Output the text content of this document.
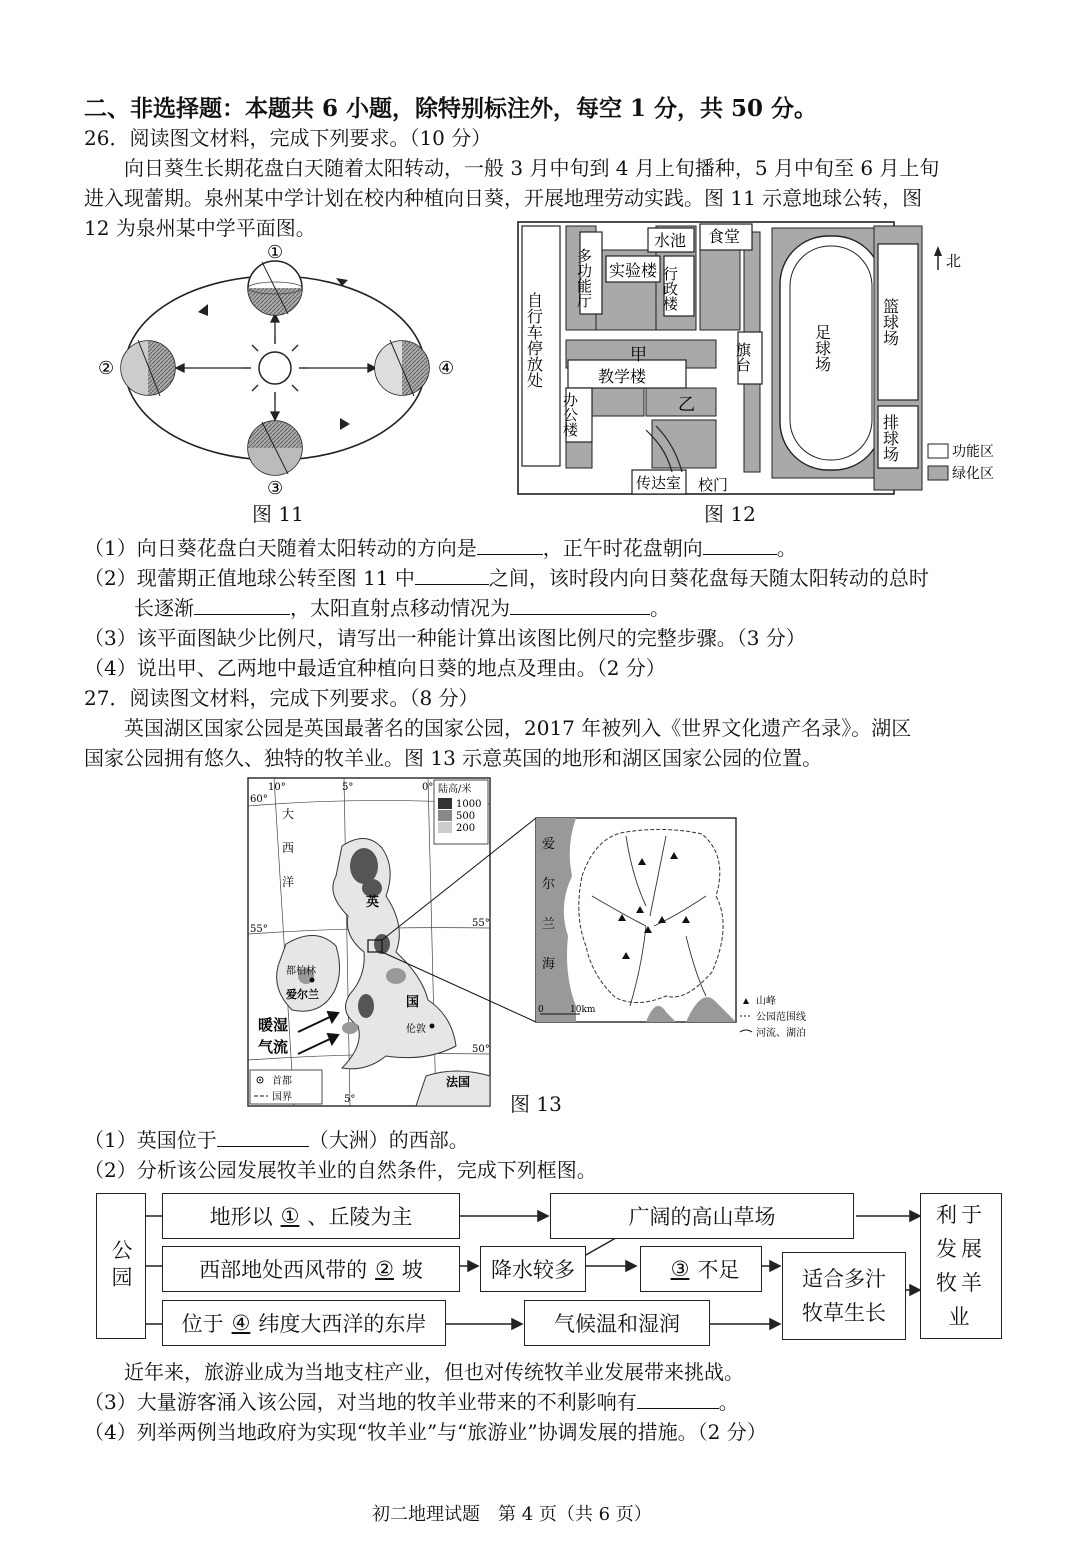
二、非选择题：本题共 6 小题，除特别标注外，每空 1 分，共 50 分。
26．阅读图文材料，完成下列要求。（10 分）
向日葵生长期花盘白天随着太阳转动，一般 3 月中旬到 4 月上旬播种，5 月中旬至 6 月上旬
进入现蕾期。泉州某中学计划在校内种植向日葵，开展地理劳动实践。图 11 示意地球公转，图
12 为泉州某中学平面图。
①
②
③
④
图 11
自行车停放处
多功能厅 实验楼
水池 食堂
行政楼
甲
教学楼
旗台	足球场
篮球场
排球场
办公楼	乙
传达室 校门
北
功能区
绿化区
图 12
（1）向日葵花盘白天随着太阳转动的方向是	，正午时花盘朝向	。
（2）现蕾期正值地球公转至图 11 中	之间，该时段内向日葵花盘每天随太阳转动的总时
长逐渐	，太阳直射点移动情况为	。
（3）该平面图缺少比例尺，请写出一种能计算出该图比例尺的完整步骤。（3 分）
（4）说出甲、乙两地中最适宜种植向日葵的地点及理由。（2 分）
27．阅读图文材料，完成下列要求。（8 分）
英国湖区国家公园是英国最著名的国家公园，2017 年被列入《世界文化遗产名录》。湖区
国家公园拥有悠久、独特的牧羊业。图 13 示意英国的地形和湖区国家公园的位置。
10°	5°	0°
5°
60°
55°
55°
50°
陆高/米
1000
500
200
大
西
洋
英
国
都柏林
爱尔兰
伦敦
法国
暖湿
气流
首都
国界
爱
尔
兰
海
0	10km
山峰
公园范围线
河流、湖泊
图 13
（1）英国位于	（大洲）的西部。
（2）分析该公园发展牧羊业的自然条件，完成下列框图。
公园
地形以 ① 、丘陵为主
西部地处西风带的 ② 坡
位于 ④ 纬度大西洋的东岸
广阔的高山草场
降水较多	③ 不足
气候温和湿润
适合多汁牧草生长
利于发展牧羊业
近年来，旅游业成为当地支柱产业，但也对传统牧羊业发展带来挑战。
（3）大量游客涌入该公园，对当地的牧羊业带来的不利影响有	。
（4）列举两例当地政府为实现“牧羊业”与“旅游业”协调发展的措施。（2 分）
初二地理试题　第 4 页（共 6 页）
